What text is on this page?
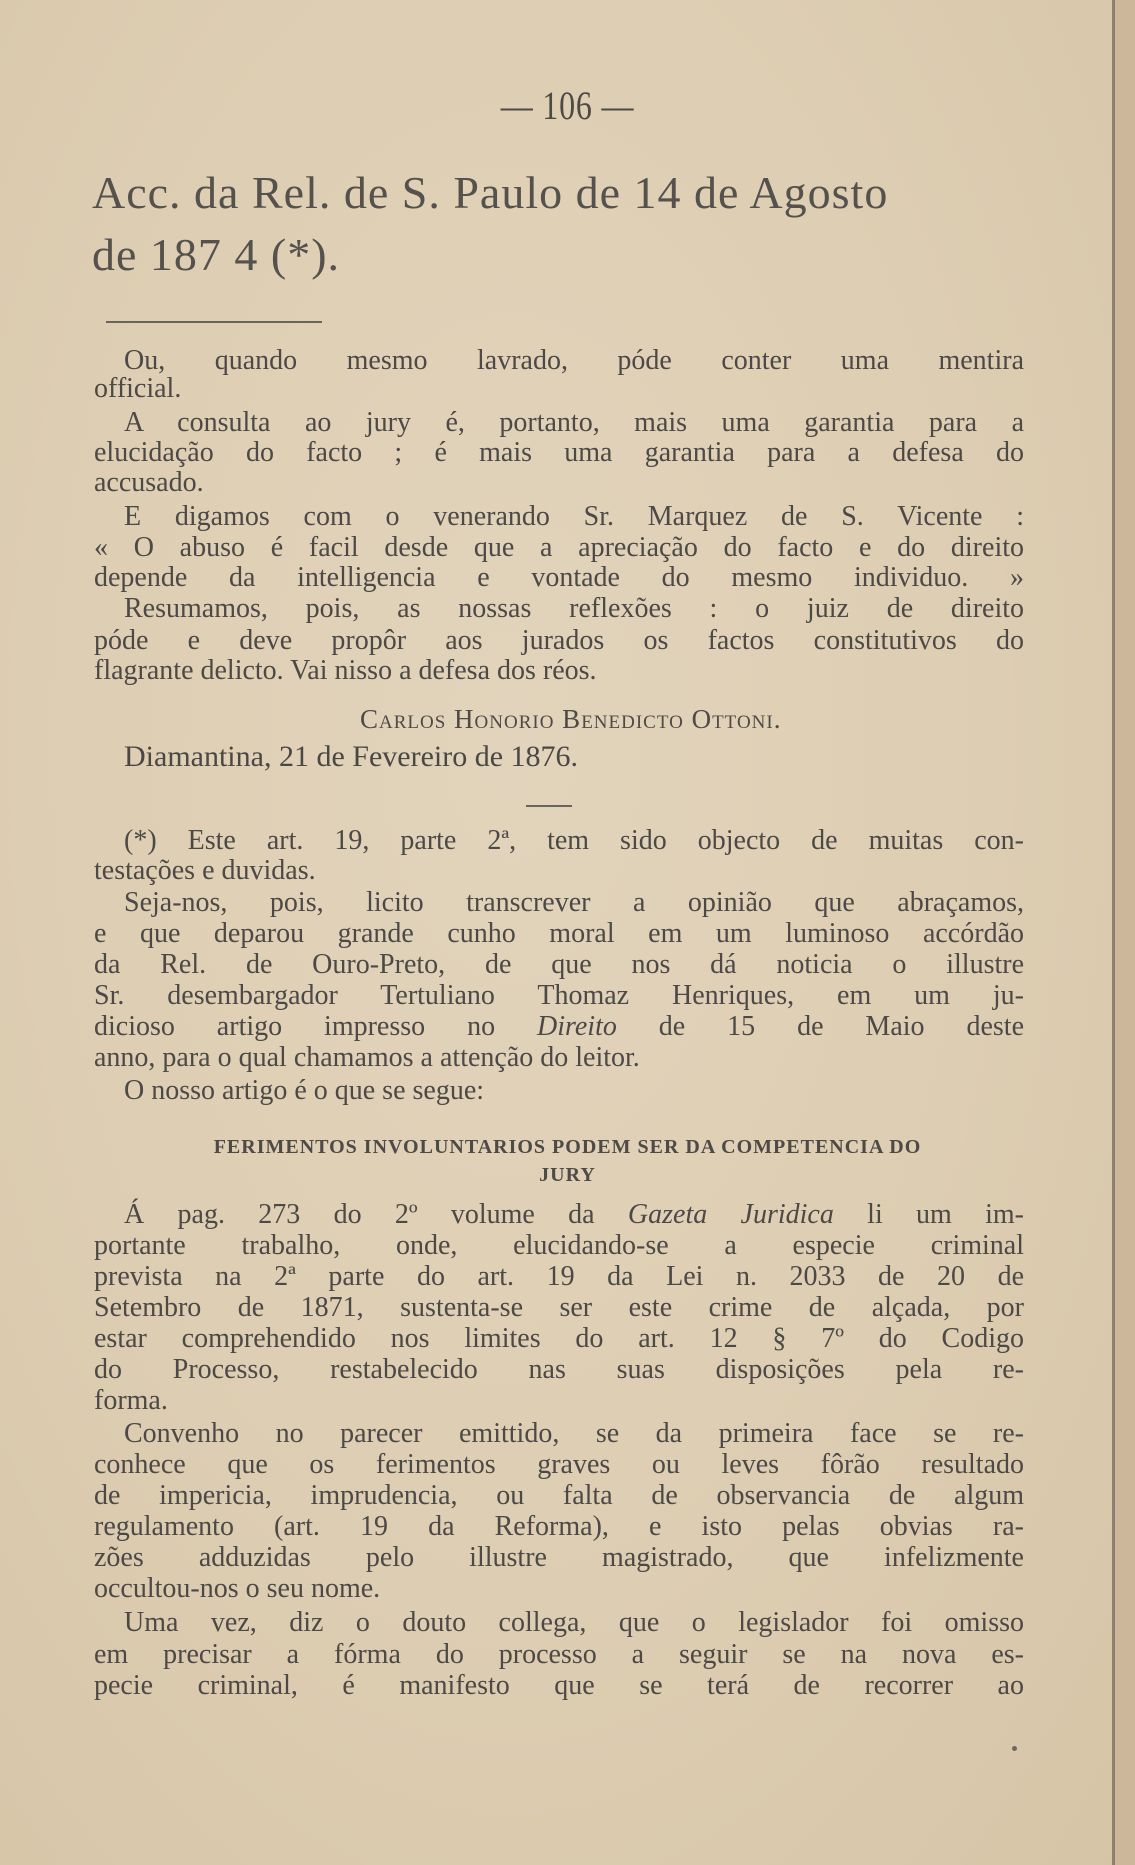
— 106 —
Acc. da Rel. de S. Paulo de 14 de Agosto
de 187 4 (*).
Ou, quando mesmo lavrado, póde conter uma mentira
official.
A consulta ao jury é, portanto, mais uma garantia para a
elucidação do facto ; é mais uma garantia para a defesa do
accusado.
E digamos com o venerando Sr. Marquez de S. Vicente :
« O abuso é facil desde que a apreciação do facto e do direito
depende da intelligencia e vontade do mesmo individuo. »
Resumamos, pois, as nossas reflexões : o juiz de direito
póde e deve propôr aos jurados os factos constitutivos do
flagrante delicto. Vai nisso a defesa dos réos.
Carlos Honorio Benedicto Ottoni.
Diamantina, 21 de Fevereiro de 1876.
(*) Este art. 19, parte 2ª, tem sido objecto de muitas con-
testações e duvidas.
Seja-nos, pois, licito transcrever a opinião que abraçamos,
e que deparou grande cunho moral em um luminoso accórdão
da Rel. de Ouro-Preto, de que nos dá noticia o illustre
Sr. desembargador Tertuliano Thomaz Henriques, em um ju-
dicioso artigo impresso no Direito de 15 de Maio deste
anno, para o qual chamamos a attenção do leitor.
O nosso artigo é o que se segue:
FERIMENTOS INVOLUNTARIOS PODEM SER DA COMPETENCIA DO
JURY
Á pag. 273 do 2º volume da Gazeta Juridica li um im-
portante trabalho, onde, elucidando-se a especie criminal
prevista na 2ª parte do art. 19 da Lei n. 2033 de 20 de
Setembro de 1871, sustenta-se ser este crime de alçada, por
estar comprehendido nos limites do art. 12 § 7º do Codigo
do Processo, restabelecido nas suas disposições pela re-
forma.
Convenho no parecer emittido, se da primeira face se re-
conhece que os ferimentos graves ou leves fôrão resultado
de impericia, imprudencia, ou falta de observancia de algum
regulamento (art. 19 da Reforma), e isto pelas obvias ra-
zões adduzidas pelo illustre magistrado, que infelizmente
occultou-nos o seu nome.
Uma vez, diz o douto collega, que o legislador foi omisso
em precisar a fórma do processo a seguir se na nova es-
pecie criminal, é manifesto que se terá de recorrer ao
